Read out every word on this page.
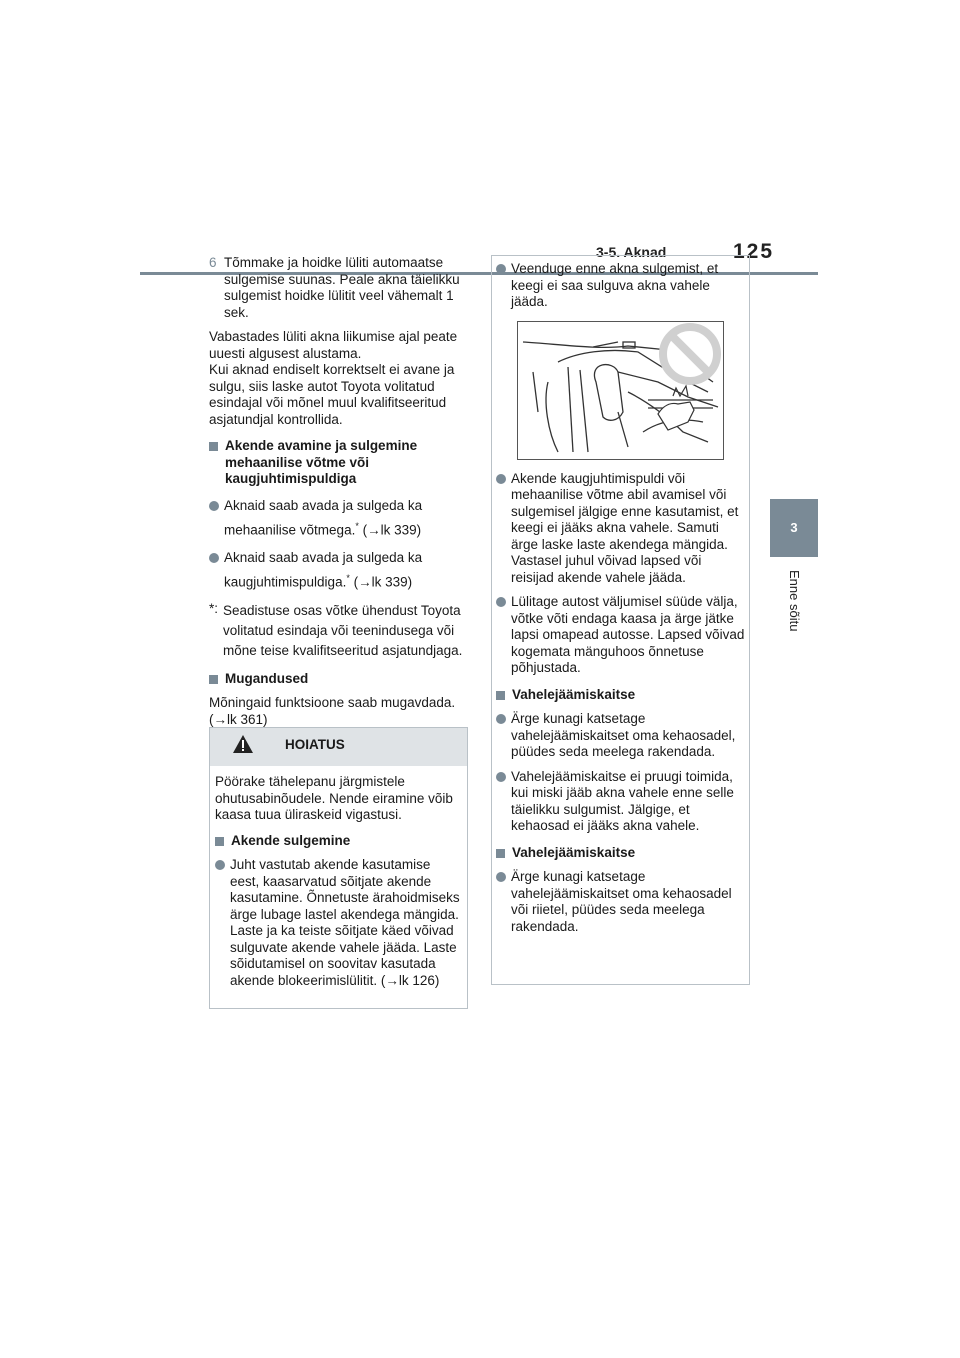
3-5. Aknad	125
3
Enne sõitu
6 Tõmmake ja hoidke lüliti automaatse sulgemise suunas. Peale akna täielikku sulgemist hoidke lülitit veel vähemalt 1 sek.

Vabastades lüliti akna liikumise ajal peate uuesti algusest alustama.

Kui aknad endiselt korrektselt ei avane ja sulgu, siis laske autot Toyota volitatud esindajal või mõnel muul kvalifitseeritud asjatundjal kontrollida.

Akende avamine ja sulgemine mehaanilise võtme või kaugjuhtimispuldiga
Aknaid saab avada ja sulgeda ka mehaanilise võtmega.* (→lk 339)
Aknaid saab avada ja sulgeda ka kaugjuhtimispuldiga.* (→lk 339)
*: Seadistuse osas võtke ühendust Toyota volitatud esindaja või teenindusega või mõne teise kvalifitseeritud asjatundjaga.
Mugandused

Mõningaid funktsioone saab mugavdada. (→lk 361)

HOIATUS

Pöörake tähelepanu järgmistele ohutusabinõudele. Nende eiramine võib kaasa tuua üliraskeid vigastusi.

Akende sulgemine
Juht vastutab akende kasutamise eest, kaasarvatud sõitjate akende kasutamine. Õnnetuste ärahoidmiseks ärge lubage lastel akendega mängida. Laste ja ka teiste sõitjate käed võivad sulguvate akende vahele jääda. Laste sõidutamisel on soovitav kasutada akende blokeerimislülitit. (→lk 126)
Veenduge enne akna sulgemist, et keegi ei saa sulguva akna vahele jääda.
Akende kaugjuhtimispuldi või mehaanilise võtme abil avamisel või sulgemisel jälgige enne kasutamist, et keegi ei jääks akna vahele. Samuti ärge laske laste akendega mängida. Vastasel juhul võivad lapsed või reisijad akende vahele jääda.
Lülitage autost väljumisel süüde välja, võtke võti endaga kaasa ja ärge jätke lapsi omapead autosse. Lapsed võivad kogemata mänguhoos õnnetuse põhjustada.
Vahelejäämiskaitse
Ärge kunagi katsetage vahelejäämiskaitset oma kehaosadel, püüdes seda meelega rakendada.
Vahelejäämiskaitse ei pruugi toimida, kui miski jääb akna vahele enne selle täielikku sulgumist. Jälgige, et kehaosad ei jääks akna vahele.
Vahelejäämiskaitse
Ärge kunagi katsetage vahelejäämiskaitset oma kehaosadel või riietel, püüdes seda meelega rakendada.
